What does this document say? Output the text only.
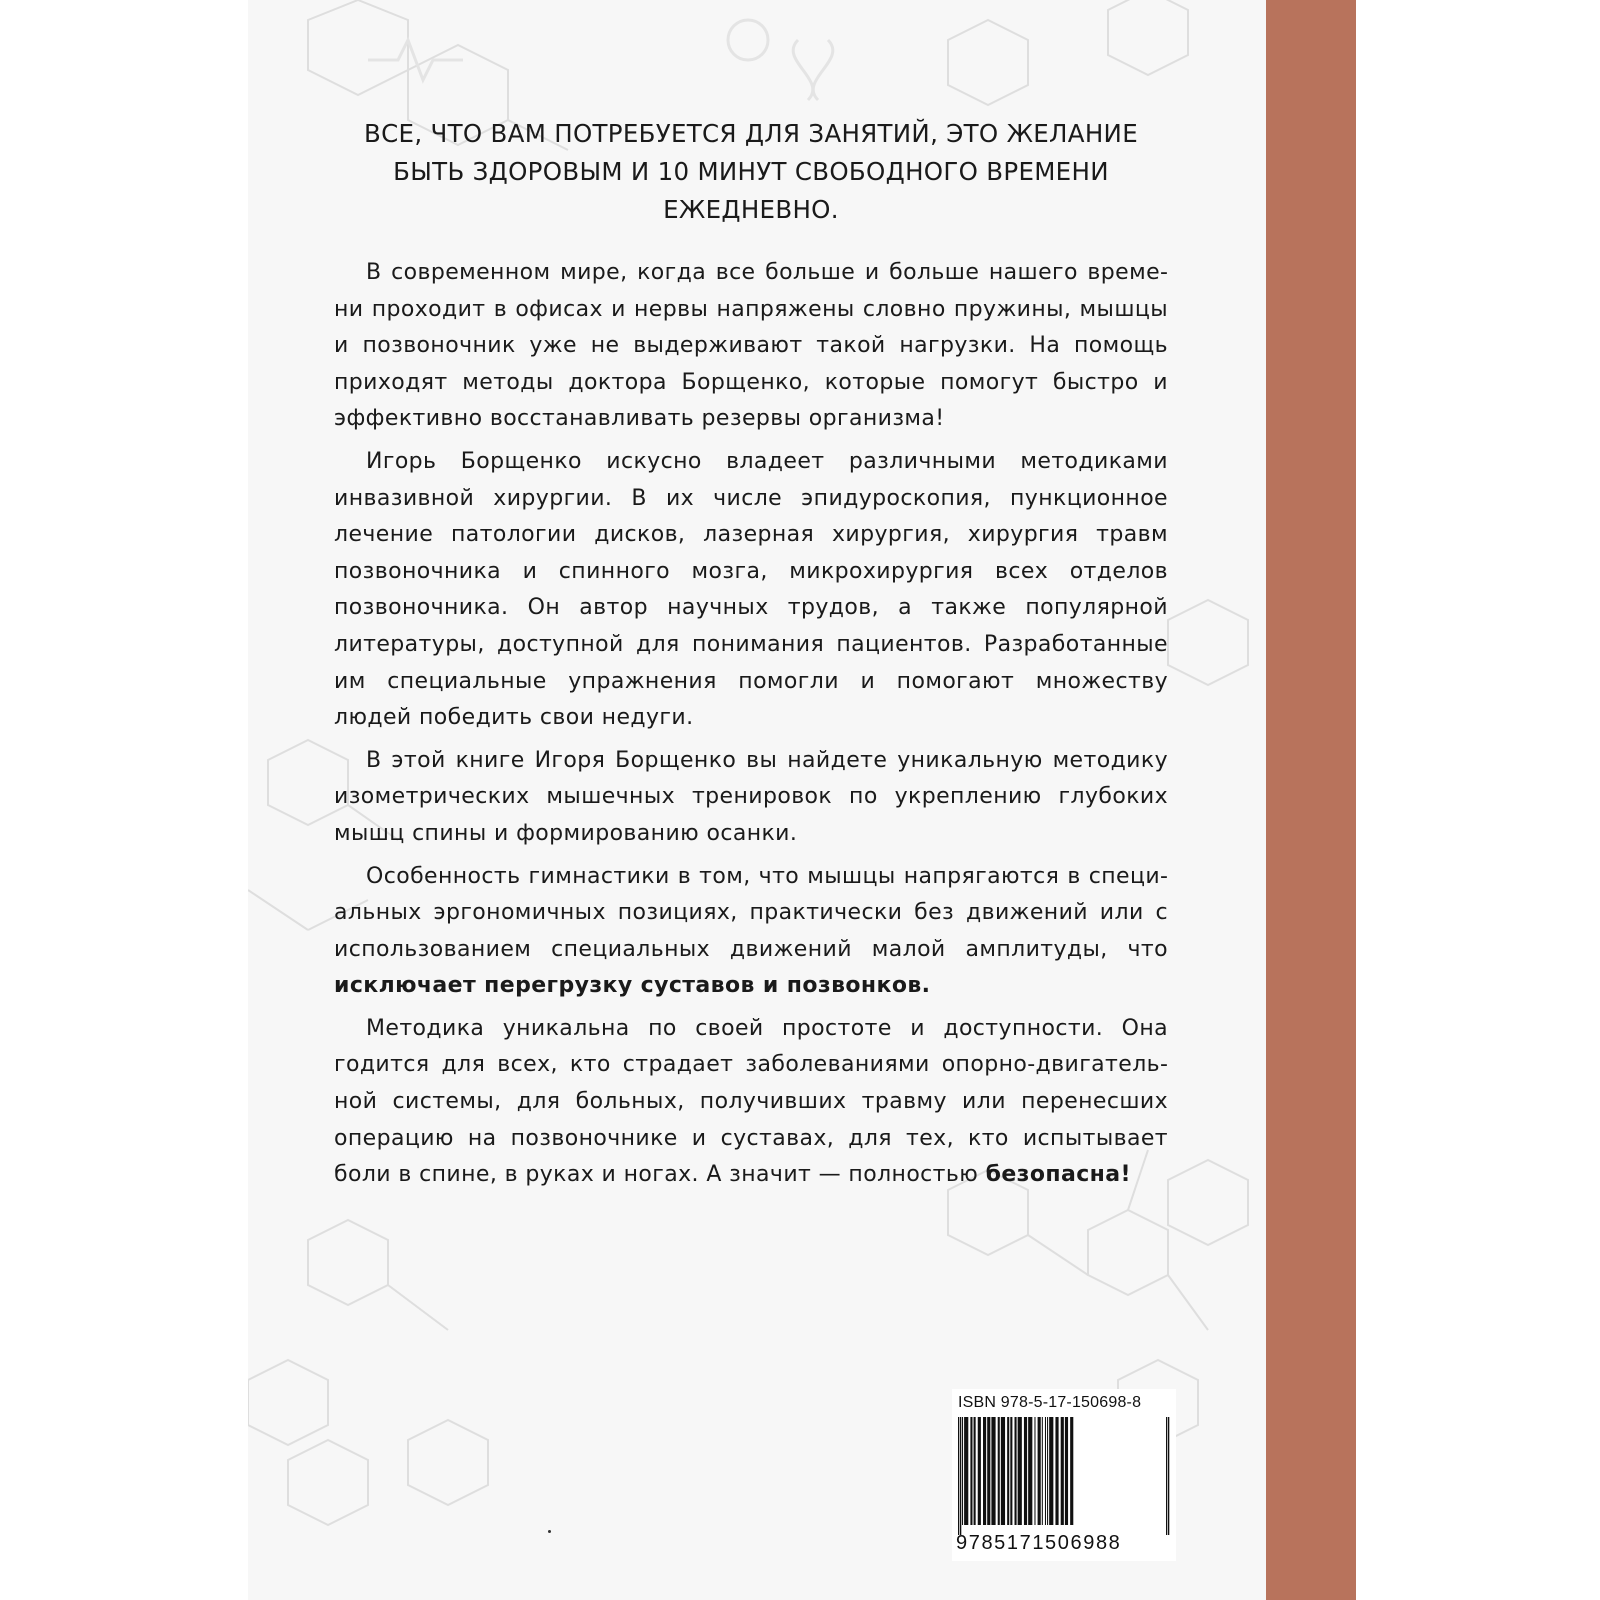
ВСЕ, ЧТО ВАМ ПОТРЕБУЕТСЯ ДЛЯ ЗАНЯТИЙ, ЭТО ЖЕЛАНИЕ БЫТЬ ЗДОРОВЫМ И 10 МИНУТ СВОБОДНОГО ВРЕМЕНИ ЕЖЕДНЕВНО.

В современном мире, когда все больше и больше нашего времени проходит в офисах и нервы напряжены словно пружины, мышцы и позвоночник уже не выдерживают такой нагрузки. На помощь приходят методы доктора Борщенко, которые помогут быстро и эффективно восстанавливать резервы организма!

Игорь Борщенко искусно владеет различными методиками инвазивной хирургии. В их числе эпидуроскопия, пункционное лечение патологии дисков, лазерная хирургия, хирургия травм позвоночника и спинного мозга, микрохирургия всех отделов позвоночника. Он автор научных трудов, а также популярной литературы, доступной для понимания пациентов. Разработанные им специальные упражнения помогли и помогают множеству людей победить свои недуги.

В этой книге Игоря Борщенко вы найдете уникальную методику изометрических мышечных тренировок по укреплению глубоких мышц спины и формированию осанки.

Особенность гимнастики в том, что мышцы напрягаются в специальных эргономичных позициях, практически без движений или с использованием специальных движений малой амплитуды, что исключает перегрузку суставов и позвонков.

Методика уникальна по своей простоте и доступности. Она годится для всех, кто страдает заболеваниями опорно-двигательной системы, для больных, получивших травму или перенесших операцию на позвоночнике и суставах, для тех, кто испытывает боли в спине, в руках и ногах. А значит — полностью безопасна!

ISBN 978-5-17-150698-8
9785171506988
